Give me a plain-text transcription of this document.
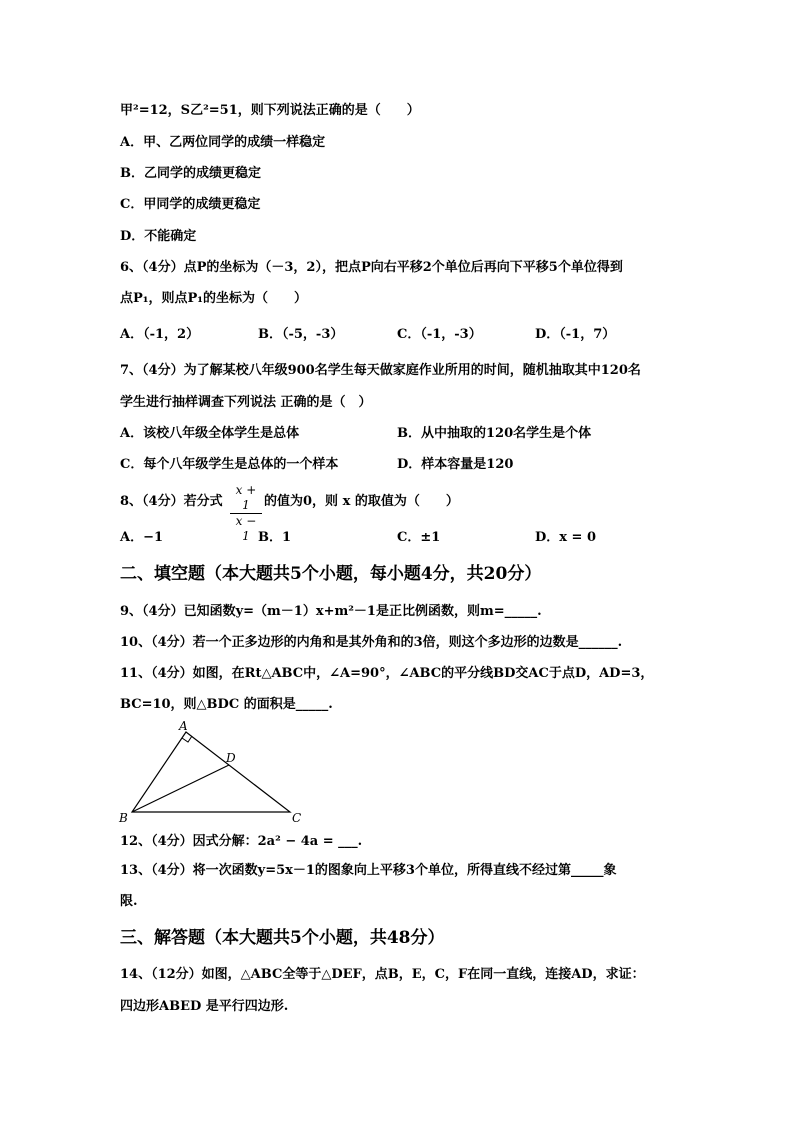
甲²=12，S乙²=51，则下列说法正确的是（　　）
A．甲、乙两位同学的成绩一样稳定
B．乙同学的成绩更稳定
C．甲同学的成绩更稳定
D．不能确定
6、（4分）点P的坐标为（－3，2），把点P向右平移2个单位后再向下平移5个单位得到
点P₁，则点P₁的坐标为（　　）
A．（-1，2）	B．（-5，-3）	C．（-1，-3）	D．（-1，7）
7、（4分）为了解某校八年级900名学生每天做家庭作业所用的时间，随机抽取其中120名
学生进行抽样调查下列说法 正确的是（　）
A．该校八年级全体学生是总体	B．从中抽取的120名学生是个体
C．每个八年级学生是总体的一个样本	D．样本容量是120
8、（4分）若分式 $\frac{x + 1}{x - 1}$ 的值为0，则 x 的取值为（　　）
A．−1	B．1	C．±1	D．x = 0
二、填空题（本大题共5个小题，每小题4分，共20分）
9、（4分）已知函数y=（m－1）x+m²－1是正比例函数，则m=_____.
10、（4分）若一个正多边形的内角和是其外角和的3倍，则这个多边形的边数是______.
11、（4分）如图，在Rt△ABC中，∠A=90°，∠ABC的平分线BD交AC于点D，AD=3，
BC=10，则△BDC 的面积是_____.
A
D
B	C
12、（4分）因式分解：2a² − 4a = ___.
13、（4分）将一次函数y=5x－1的图象向上平移3个单位，所得直线不经过第_____象
限.
三、解答题（本大题共5个小题，共48分）
14、（12分）如图，△ABC全等于△DEF，点B，E，C，F在同一直线，连接AD，求证：
四边形ABED 是平行四边形.
